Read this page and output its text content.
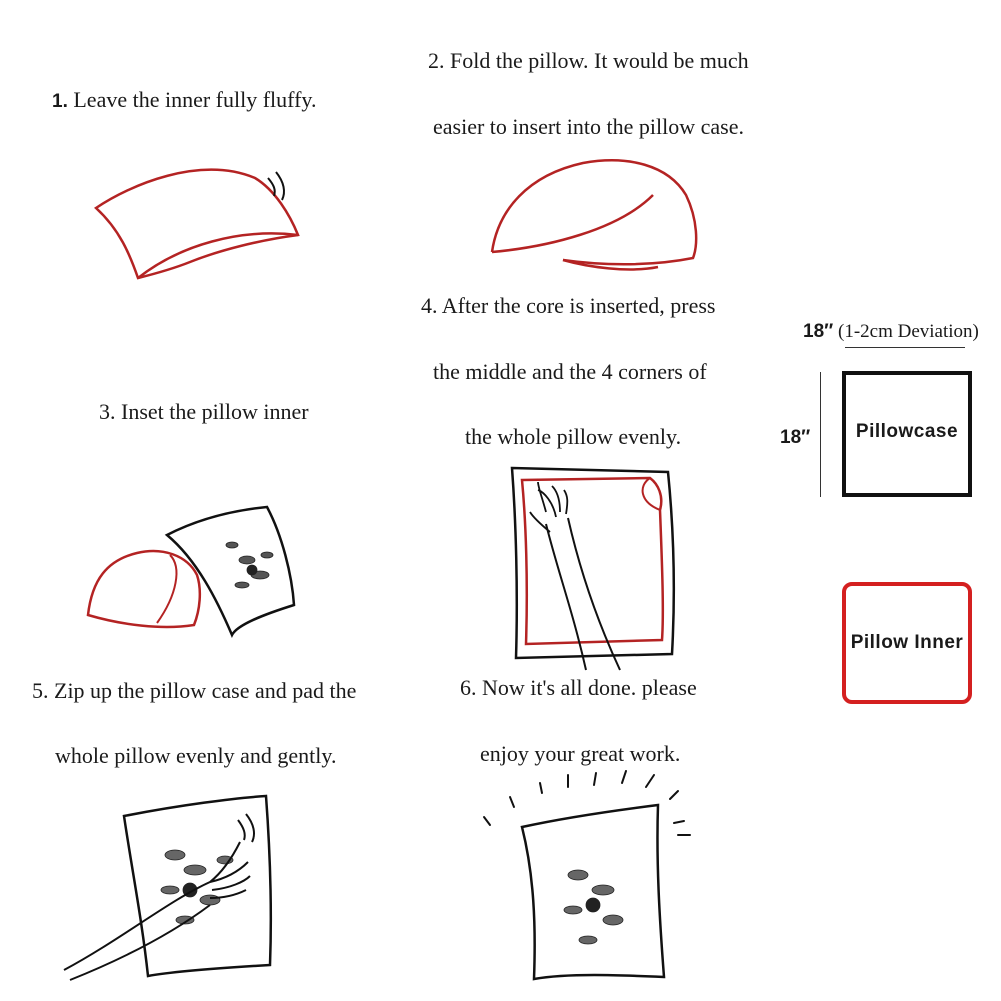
1. Leave the inner fully fluffy.
2. Fold the pillow. It would be much
easier to insert into the pillow case.
3. Inset the pillow inner
4. After the core is inserted, press
the middle and the 4 corners of
the whole pillow evenly.
18″ (1-2cm Deviation)
18″ Pillowcase
Pillow Inner
5. Zip up the pillow case and pad the
whole pillow evenly and gently.
6. Now it's all done. please
enjoy your great work.
